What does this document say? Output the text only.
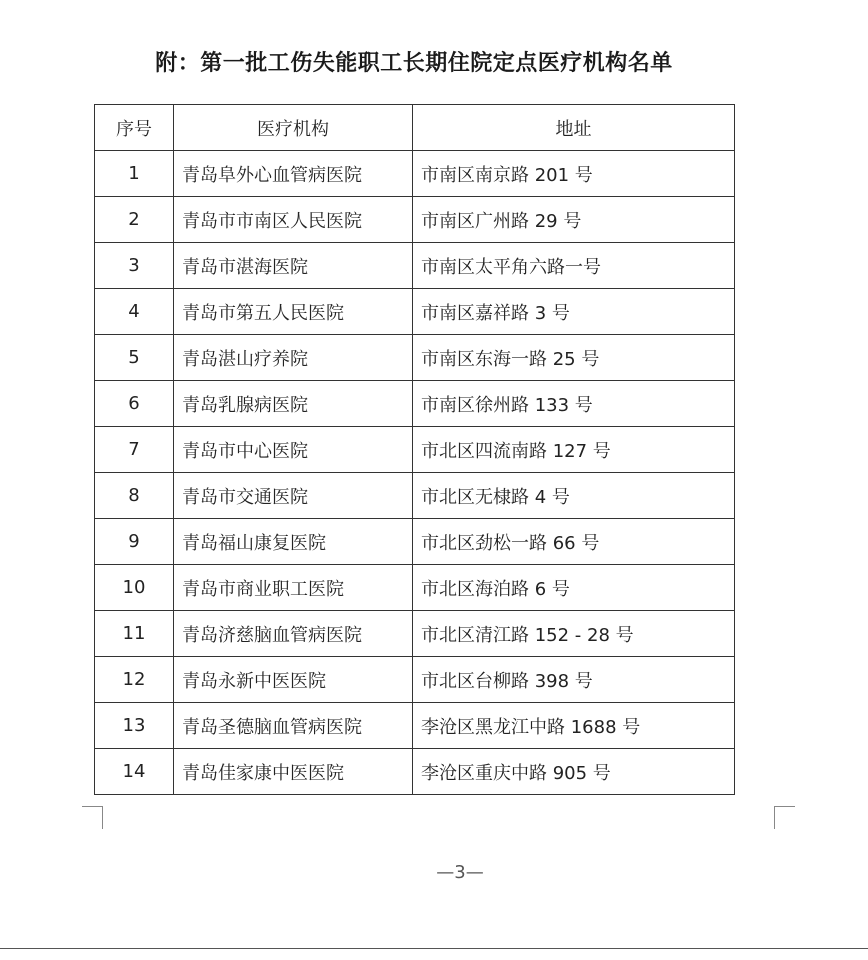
附：第一批工伤失能职工长期住院定点医疗机构名单
序号	医疗机构	地址
1	青岛阜外心血管病医院	市南区南京路 201 号
2	青岛市市南区人民医院	市南区广州路 29 号
3	青岛市湛海医院	市南区太平角六路一号
4	青岛市第五人民医院	市南区嘉祥路 3 号
5	青岛湛山疗养院	市南区东海一路 25 号
6	青岛乳腺病医院	市南区徐州路 133 号
7	青岛市中心医院	市北区四流南路 127 号
8	青岛市交通医院	市北区无棣路 4 号
9	青岛福山康复医院	市北区劲松一路 66 号
10	青岛市商业职工医院	市北区海泊路 6 号
11	青岛济慈脑血管病医院	市北区清江路 152 - 28 号
12	青岛永新中医医院	市北区台柳路 398 号
13	青岛圣德脑血管病医院	李沧区黑龙江中路 1688 号
14	青岛佳家康中医医院	李沧区重庆中路 905 号
—3—
